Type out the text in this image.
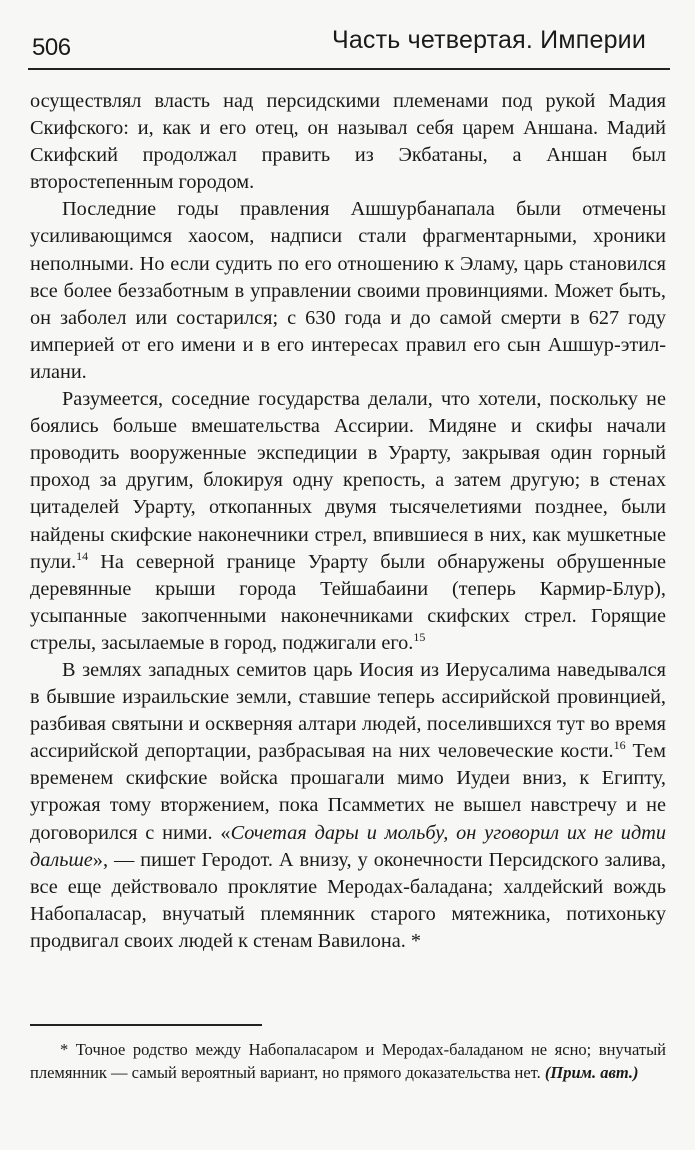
506	Часть четвертая. Империи

осуществлял власть над персидскими племенами под рукой Мадия Скифского: и, как и его отец, он называл себя царем Аншана. Мадий Скифский продолжал править из Экбатаны, а Аншан был второстепенным городом.

Последние годы правления Ашшурбанапала были отмечены усиливающимся хаосом, надписи стали фрагментарными, хроники неполными. Но если судить по его отношению к Эламу, царь становился все более беззаботным в управлении своими провинциями. Может быть, он заболел или состарился; с 630 года и до самой смерти в 627 году империей от его имени и в его интересах правил его сын Ашшур-этил-илани.

Разумеется, соседние государства делали, что хотели, поскольку не боялись больше вмешательства Ассирии. Мидяне и скифы начали проводить вооруженные экспедиции в Урарту, закрывая один горный проход за другим, блокируя одну крепость, а затем другую; в стенах цитаделей Урарту, откопанных двумя тысячелетиями позднее, были найдены скифские наконечники стрел, впившиеся в них, как мушкетные пули.$^{14}$ На северной границе Урарту были обнаружены обрушенные деревянные крыши города Тейшабаини (теперь Кармир-Блур), усыпанные закопченными наконечниками скифских стрел. Горящие стрелы, засылаемые в город, поджигали его.$^{15}$

В землях западных семитов царь Иосия из Иерусалима наведывался в бывшие израильские земли, ставшие теперь ассирийской провинцией, разбивая святыни и оскверняя алтари людей, поселившихся тут во время ассирийской депортации, разбрасывая на них человеческие кости.$^{16}$ Тем временем скифские войска прошагали мимо Иудеи вниз, к Египту, угрожая тому вторжением, пока Псамметих не вышел навстречу и не договорился с ними. «Сочетая дары и мольбу, он уговорил их не идти дальше», — пишет Геродот. А внизу, у оконечности Персидского залива, все еще действовало проклятие Меродах-баладана; халдейский вождь Набопаласар, внучатый племянник старого мятежника, потихоньку продвигал своих людей к стенам Вавилона. *

* Точное родство между Набопаласаром и Меродах-баладаном не ясно; внучатый племянник — самый вероятный вариант, но прямого доказательства нет. (Прим. авт.)
